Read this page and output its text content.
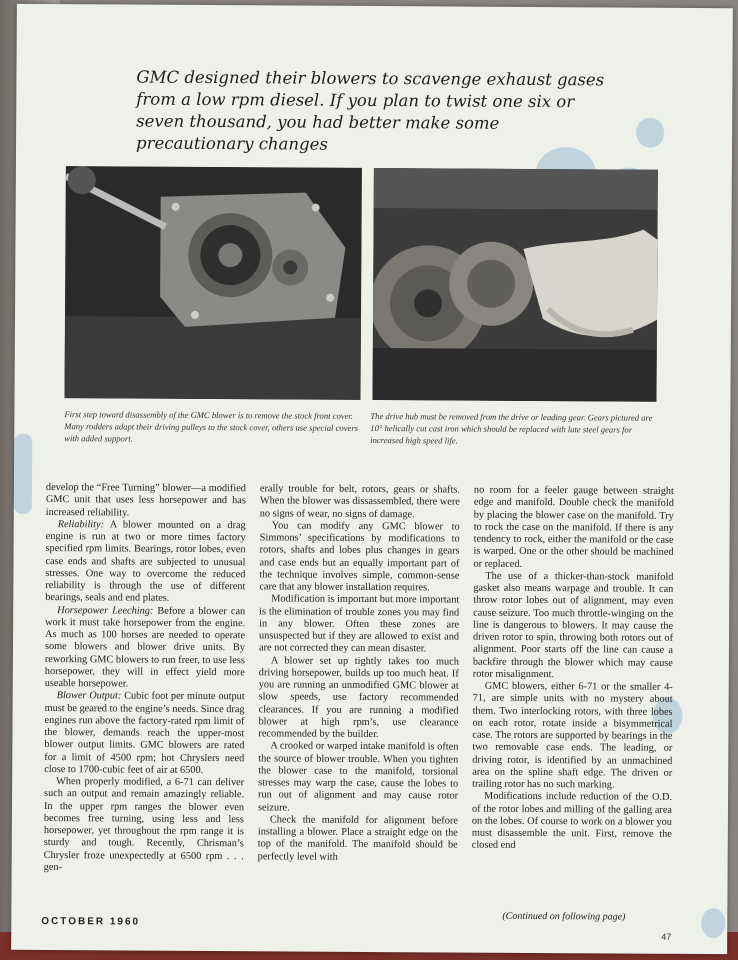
GMC designed their blowers to scavenge exhaust gases from a low rpm diesel. If you plan to twist one six or seven thousand, you had better make some precautionary changes
First step toward disassembly of the GMC blower is to remove the stock front cover. Many rodders adapt their driving pulleys to the stock cover, others use special covers with added support.
The drive hub must be removed from the drive or leading gear. Gears pictured are 10° helically cut cast iron which should be replaced with late steel gears for increased high speed life.

develop the “Free Turning” blower—a modified GMC unit that uses less horsepower and has increased reliability.

Reliability: A blower mounted on a drag engine is run at two or more times factory specified rpm limits. Bearings, rotor lobes, even case ends and shafts are subjected to unusual stresses. One way to overcome the reduced reliability is through the use of different bearings, seals and end plates.

Horsepower Leeching: Before a blower can work it must take horsepower from the engine. As much as 100 horses are needed to operate some blowers and blower drive units. By reworking GMC blowers to run freer, to use less horsepower, they will in effect yield more useable horsepower.

Blower Output: Cubic foot per minute output must be geared to the engine’s needs. Since drag engines run above the factory-rated rpm limit of the blower, demands reach the upper-most blower output limits. GMC blowers are rated for a limit of 4500 rpm; hot Chryslers need close to 1700-cubic feet of air at 6500.

When properly modified, a 6-71 can deliver such an output and remain amazingly reliable. In the upper rpm ranges the blower even becomes free turning, using less and less horsepower, yet throughout the rpm range it is sturdy and tough. Recently, Chrisman’s Chrysler froze unexpectedly at 6500 rpm . . . gen-

erally trouble for belt, rotors, gears or shafts. When the blower was dissassembled, there were no signs of wear, no signs of damage.

You can modify any GMC blower to Simmons’ specifications by modifications to rotors, shafts and lobes plus changes in gears and case ends but an equally important part of the technique involves simple, common-sense care that any blower installation requires.

Modification is important but more important is the elimination of trouble zones you may find in any blower. Often these zones are unsuspected but if they are allowed to exist and are not corrected they can mean disaster.

A blower set up tightly takes too much driving horsepower, builds up too much heat. If you are running an unmodified GMC blower at slow speeds, use factory recommended clearances. If you are running a modified blower at high rpm’s, use clearance recommended by the builder.

A crooked or warped intake manifold is often the source of blower trouble. When you tighten the blower case to the manifold, torsional stresses may warp the case, cause the lobes to run out of alignment and may cause rotor seizure.

Check the manifold for alignment before installing a blower. Place a straight edge on the top of the manifold. The manifold should be perfectly level with

no room for a feeler gauge between straight edge and manifold. Double check the manifold by placing the blower case on the manifold. Try to rock the case on the manifold. If there is any tendency to rock, either the manifold or the case is warped. One or the other should be machined or replaced.

The use of a thicker-than-stock manifold gasket also means warpage and trouble. It can throw rotor lobes out of alignment, may even cause seizure. Too much throttle-winging on the line is dangerous to blowers. It may cause the driven rotor to spin, throwing both rotors out of alignment. Poor starts off the line can cause a backfire through the blower which may cause rotor misalignment.

GMC blowers, either 6-71 or the smaller 4-71, are simple units with no mystery about them. Two interlocking rotors, with three lobes on each rotor, rotate inside a bisymmetrical case. The rotors are supported by bearings in the two removable case ends. The leading, or driving rotor, is identified by an unmachined area on the spline shaft edge. The driven or trailing rotor has no such marking.

Modifications include reduction of the O.D. of the rotor lobes and milling of the galling area on the lobes. Of course to work on a blower you must disassemble the unit. First, remove the closed end

(Continued on following page)
OCTOBER 1960
47
